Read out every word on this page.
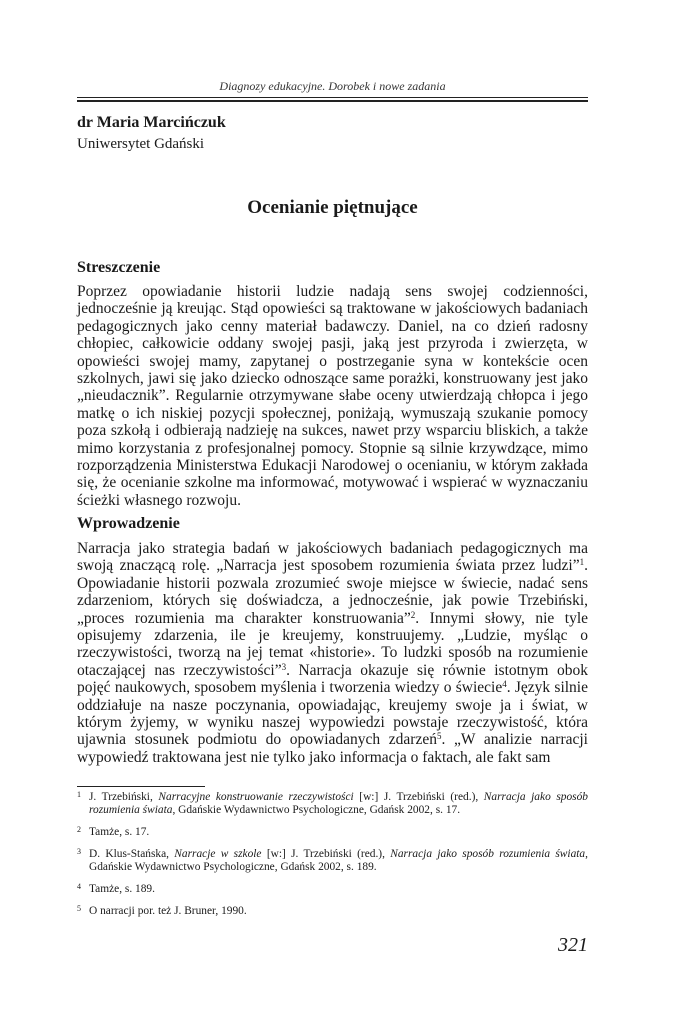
Diagnozy edukacyjne. Dorobek i nowe zadania
dr Maria Marcińczuk
Uniwersytet Gdański
Ocenianie piętnujące
Streszczenie
Poprzez opowiadanie historii ludzie nadają sens swojej codzienności, jednocześnie ją kreując. Stąd opowieści są traktowane w jakościowych badaniach pedagogicznych jako cenny materiał badawczy. Daniel, na co dzień radosny chłopiec, całkowicie oddany swojej pasji, jaką jest przyroda i zwierzęta, w opowieści swojej mamy, zapytanej o postrzeganie syna w kontekście ocen szkolnych, jawi się jako dziecko odnoszące same porażki, konstruowany jest jako „nieudacznik”. Regularnie otrzymywane słabe oceny utwierdzają chłopca i jego matkę o ich niskiej pozycji społecznej, poniżają, wymuszają szukanie pomocy poza szkołą i odbierają nadzieję na sukces, nawet przy wsparciu bliskich, a także mimo korzystania z profesjonalnej pomocy. Stopnie są silnie krzywdzące, mimo rozporządzenia Ministerstwa Edukacji Narodowej o ocenianiu, w którym zakłada się, że ocenianie szkolne ma informować, motywować i wspierać w wyznaczaniu ścieżki własnego rozwoju.
Wprowadzenie
Narracja jako strategia badań w jakościowych badaniach pedagogicznych ma swoją znaczącą rolę. „Narracja jest sposobem rozumienia świata przez ludzi”$^1$. Opowiadanie historii pozwala zrozumieć swoje miejsce w świecie, nadać sens zdarzeniom, których się doświadcza, a jednocześnie, jak powie Trzebiński, „proces rozumienia ma charakter konstruowania”$^2$. Innymi słowy, nie tyle opisujemy zdarzenia, ile je kreujemy, konstruujemy. „Ludzie, myśląc o rzeczywistości, tworzą na jej temat «historie». To ludzki sposób na rozumienie otaczającej nas rzeczywistości”$^3$. Narracja okazuje się równie istotnym obok pojęć naukowych, sposobem myślenia i tworzenia wiedzy o świecie$^4$. Język silnie oddziałuje na nasze poczynania, opowiadając, kreujemy swoje ja i świat, w którym żyjemy, w wyniku naszej wypowiedzi powstaje rzeczywistość, która ujawnia stosunek podmiotu do opowiadanych zdarzeń$^5$. „W analizie narracji wypowiedź traktowana jest nie tylko jako informacja o faktach, ale fakt sam
1 J. Trzebiński, Narracyjne konstruowanie rzeczywistości [w:] J. Trzebiński (red.), Narracja jako sposób rozumienia świata, Gdańskie Wydawnictwo Psychologiczne, Gdańsk 2002, s. 17.
2 Tamże, s. 17.
3 D. Klus-Stańska, Narracje w szkole [w:] J. Trzebiński (red.), Narracja jako sposób rozumienia świata, Gdańskie Wydawnictwo Psychologiczne, Gdańsk 2002, s. 189.
4 Tamże, s. 189.
5 O narracji por. też J. Bruner, 1990.
321
